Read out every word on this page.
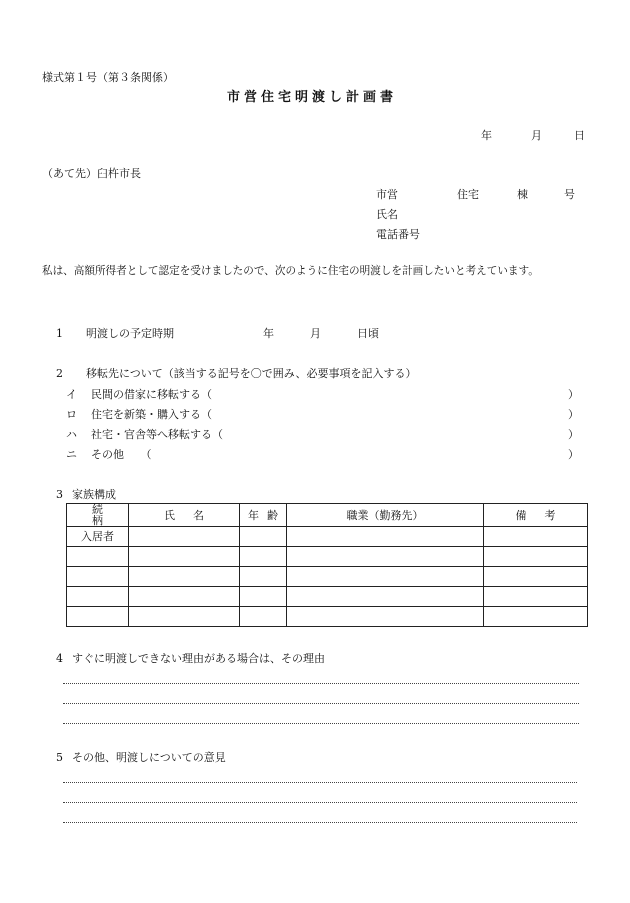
様式第１号（第３条関係）
市営住宅明渡し計画書
年	月	日
（あて先）臼杵市長
市営	住宅	棟	号
氏名
電話番号
私は、高額所得者として認定を受けましたので、次のように住宅の明渡しを計画したいと考えています。
1 明渡しの予定時期	年	月	日頃
2 移転先について（該当する記号を〇で囲み、必要事項を記入する）
イ 民間の借家に移転する（	）
ロ 住宅を新築・購入する（	）
ハ 社宅・官舎等へ移転する（	）
ニ その他　　（	）
3 家族構成
続柄	氏名	年齢	職業（勤務先）	備考
入居者				

4 すぐに明渡しできない理由がある場合は、その理由
5 その他、明渡しについての意見
